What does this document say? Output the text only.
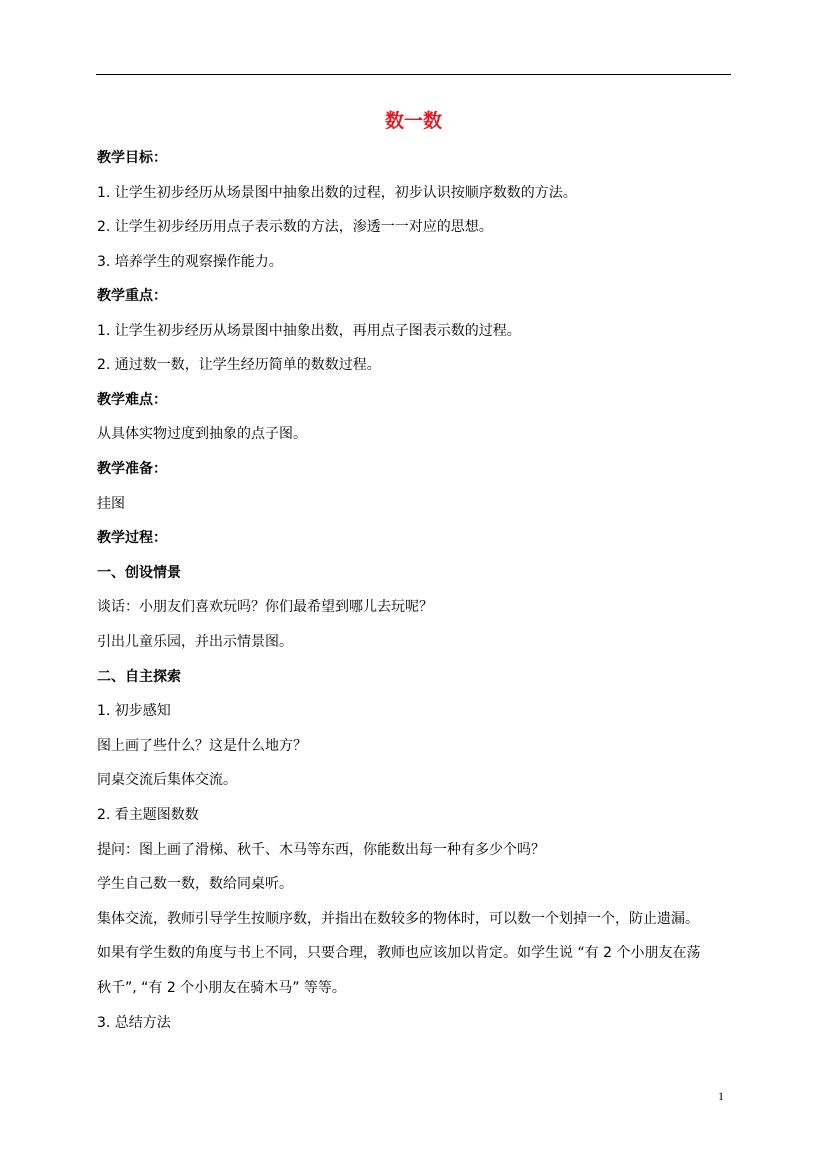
数一数
教学目标：
1. 让学生初步经历从场景图中抽象出数的过程，初步认识按顺序数数的方法。
2. 让学生初步经历用点子表示数的方法，渗透一一对应的思想。
3. 培养学生的观察操作能力。
教学重点：
1. 让学生初步经历从场景图中抽象出数，再用点子图表示数的过程。
2. 通过数一数，让学生经历简单的数数过程。
教学难点：
从具体实物过度到抽象的点子图。
教学准备：
挂图
教学过程：
一、创设情景
谈话：小朋友们喜欢玩吗？你们最希望到哪儿去玩呢？
引出儿童乐园，并出示情景图。
二、自主探索
1. 初步感知
图上画了些什么？这是什么地方？
同桌交流后集体交流。
2. 看主题图数数
提问：图上画了滑梯、秋千、木马等东西，你能数出每一种有多少个吗？
学生自己数一数，数给同桌听。
集体交流，教师引导学生按顺序数，并指出在数较多的物体时，可以数一个划掉一个，防止遗漏。
如果有学生数的角度与书上不同，只要合理，教师也应该加以肯定。如学生说 “有 2 个小朋友在荡
秋千”, “有 2 个小朋友在骑木马” 等等。
3. 总结方法
1
